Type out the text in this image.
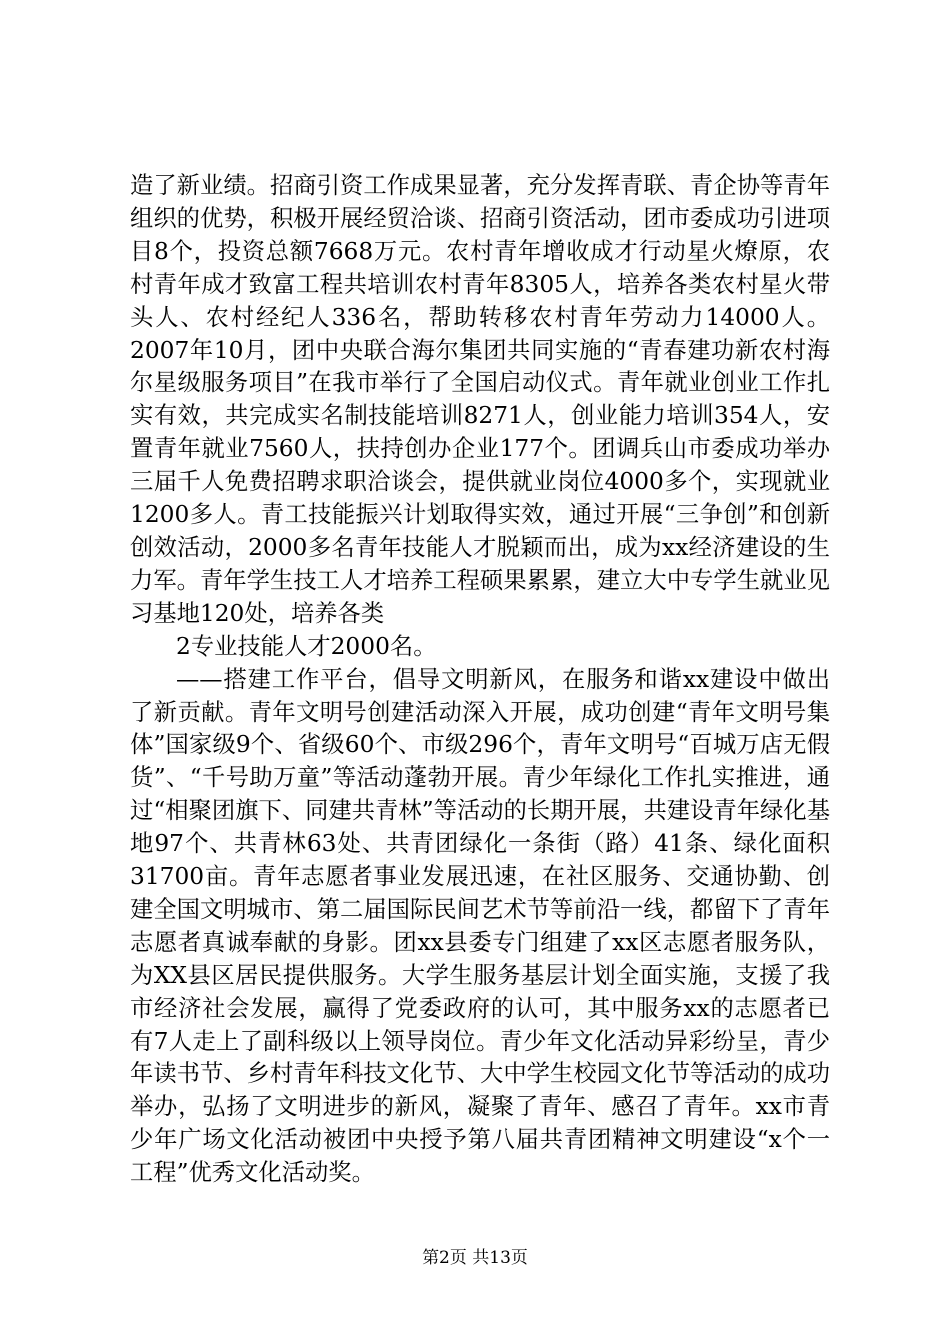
造了新业绩。招商引资工作成果显著，充分发挥青联、青企协等青年组织的优势，积极开展经贸洽谈、招商引资活动，团市委成功引进项目8个，投资总额7668万元。农村青年增收成才行动星火燎原，农村青年成才致富工程共培训农村青年8305人，培养各类农村星火带头人、农村经纪人336名，帮助转移农村青年劳动力14000人。2007年10月，团中央联合海尔集团共同实施的“青春建功新农村海尔星级服务项目”在我市举行了全国启动仪式。青年就业创业工作扎实有效，共完成实名制技能培训8271人，创业能力培训354人，安置青年就业7560人，扶持创办企业177个。团调兵山市委成功举办三届千人免费招聘求职洽谈会，提供就业岗位4000多个，实现就业1200多人。青工技能振兴计划取得实效，通过开展“三争创”和创新创效活动，2000多名青年技能人才脱颖而出，成为xx经济建设的生力军。青年学生技工人才培养工程硕果累累，建立大中专学生就业见习基地120处，培养各类

2专业技能人才2000名。

——搭建工作平台，倡导文明新风，在服务和谐xx建设中做出了新贡献。青年文明号创建活动深入开展，成功创建“青年文明号集体”国家级9个、省级60个、市级296个，青年文明号“百城万店无假货”、“千号助万童”等活动蓬勃开展。青少年绿化工作扎实推进，通过“相聚团旗下、同建共青林”等活动的长期开展，共建设青年绿化基地97个、共青林63处、共青团绿化一条街（路）41条、绿化面积31700亩。青年志愿者事业发展迅速，在社区服务、交通协勤、创建全国文明城市、第二届国际民间艺术节等前沿一线，都留下了青年志愿者真诚奉献的身影。团xx县委专门组建了xx区志愿者服务队，为XX县区居民提供服务。大学生服务基层计划全面实施，支援了我市经济社会发展，赢得了党委政府的认可，其中服务xx的志愿者已有7人走上了副科级以上领导岗位。青少年文化活动异彩纷呈，青少年读书节、乡村青年科技文化节、大中学生校园文化节等活动的成功举办，弘扬了文明进步的新风，凝聚了青年、感召了青年。xx市青少年广场文化活动被团中央授予第八届共青团精神文明建设“x个一工程”优秀文化活动奖。

第2页 共13页
